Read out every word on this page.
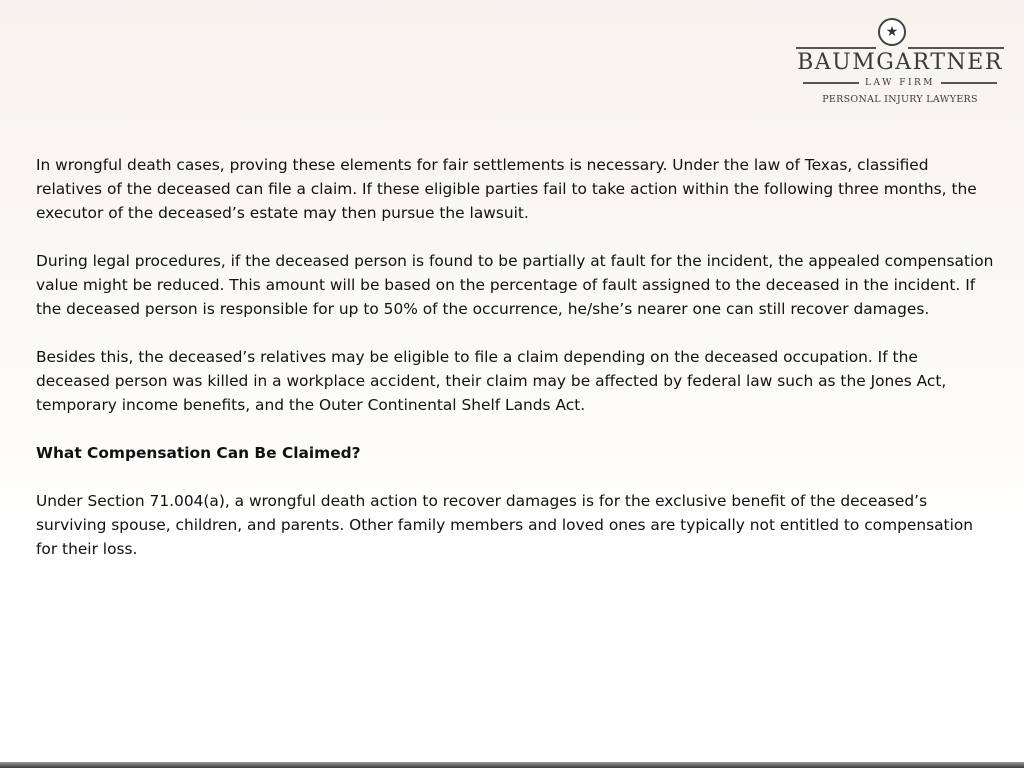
★
BAUMGARTNER
LAW FIRM
PERSONAL INJURY LAWYERS

In wrongful death cases, proving these elements for fair settlements is necessary. Under the law of Texas, classified relatives of the deceased can file a claim. If these eligible parties fail to take action within the following three months, the executor of the deceased’s estate may then pursue the lawsuit.

During legal procedures, if the deceased person is found to be partially at fault for the incident, the appealed compensation value might be reduced. This amount will be based on the percentage of fault assigned to the deceased in the incident. If the deceased person is responsible for up to 50% of the occurrence, he/she’s nearer one can still recover damages.

Besides this, the deceased’s relatives may be eligible to file a claim depending on the deceased occupation. If the deceased person was killed in a workplace accident, their claim may be affected by federal law such as the Jones Act, temporary income benefits, and the Outer Continental Shelf Lands Act.

What Compensation Can Be Claimed?

Under Section 71.004(a), a wrongful death action to recover damages is for the exclusive benefit of the deceased’s surviving spouse, children, and parents. Other family members and loved ones are typically not entitled to compensation for their loss.
